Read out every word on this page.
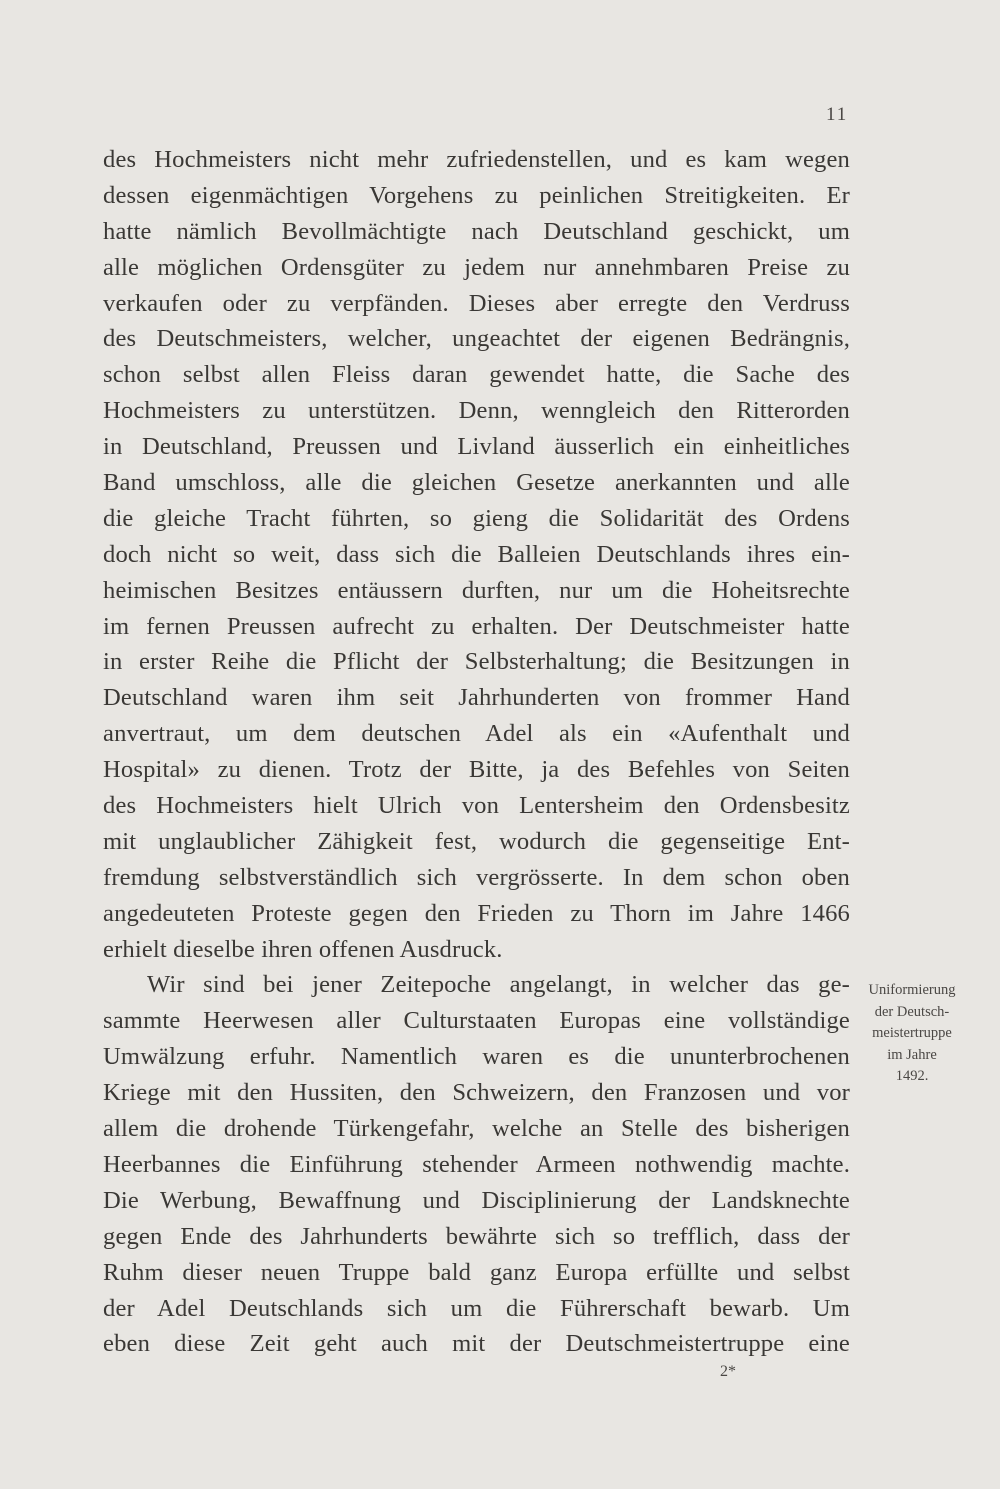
11
des Hochmeisters nicht mehr zufriedenstellen, und es kam wegen
dessen eigenmächtigen Vorgehens zu peinlichen Streitigkeiten. Er
hatte nämlich Bevollmächtigte nach Deutschland geschickt, um
alle möglichen Ordensgüter zu jedem nur annehmbaren Preise zu
verkaufen oder zu verpfänden. Dieses aber erregte den Verdruss
des Deutschmeisters, welcher, ungeachtet der eigenen Bedrängnis,
schon selbst allen Fleiss daran gewendet hatte, die Sache des
Hochmeisters zu unterstützen. Denn, wenngleich den Ritterorden
in Deutschland, Preussen und Livland äusserlich ein einheitliches
Band umschloss, alle die gleichen Gesetze anerkannten und alle
die gleiche Tracht führten, so gieng die Solidarität des Ordens
doch nicht so weit, dass sich die Balleien Deutschlands ihres ein-
heimischen Besitzes entäussern durften, nur um die Hoheitsrechte
im fernen Preussen aufrecht zu erhalten. Der Deutschmeister hatte
in erster Reihe die Pflicht der Selbsterhaltung; die Besitzungen in
Deutschland waren ihm seit Jahrhunderten von frommer Hand
anvertraut, um dem deutschen Adel als ein «Aufenthalt und
Hospital» zu dienen. Trotz der Bitte, ja des Befehles von Seiten
des Hochmeisters hielt Ulrich von Lentersheim den Ordensbesitz
mit unglaublicher Zähigkeit fest, wodurch die gegenseitige Ent-
fremdung selbstverständlich sich vergrösserte. In dem schon oben
angedeuteten Proteste gegen den Frieden zu Thorn im Jahre 1466
erhielt dieselbe ihren offenen Ausdruck.
Wir sind bei jener Zeitepoche angelangt, in welcher das ge-
sammte Heerwesen aller Culturstaaten Europas eine vollständige
Umwälzung erfuhr. Namentlich waren es die ununterbrochenen
Kriege mit den Hussiten, den Schweizern, den Franzosen und vor
allem die drohende Türkengefahr, welche an Stelle des bisherigen
Heerbannes die Einführung stehender Armeen nothwendig machte.
Die Werbung, Bewaffnung und Disciplinierung der Landsknechte
gegen Ende des Jahrhunderts bewährte sich so trefflich, dass der
Ruhm dieser neuen Truppe bald ganz Europa erfüllte und selbst
der Adel Deutschlands sich um die Führerschaft bewarb. Um
eben diese Zeit geht auch mit der Deutschmeistertruppe eine
Uniformierung
der Deutsch-
meistertruppe
im Jahre
1492.
2*
